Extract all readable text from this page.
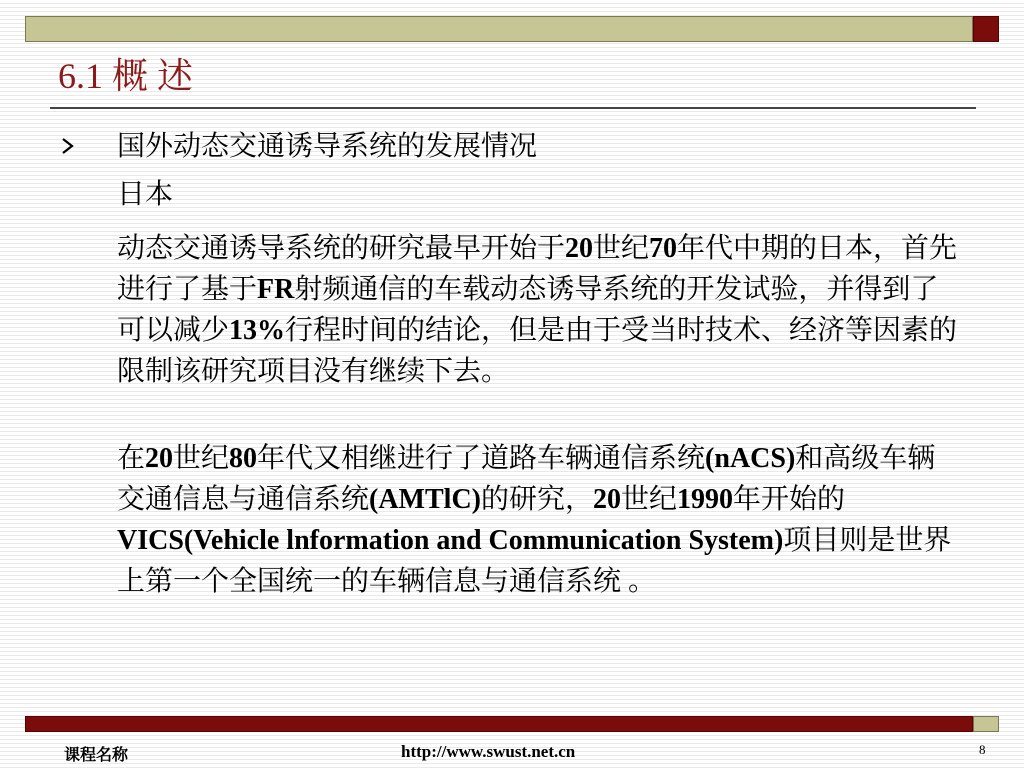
6.1 概 述
国外动态交通诱导系统的发展情况
日本
动态交通诱导系统的研究最早开始于20世纪70年代中期的日本，首先进行了基于FR射频通信的车载动态诱导系统的开发试验，并得到了可以减少13%行程时间的结论，但是由于受当时技术、经济等因素的限制该研究项目没有继续下去。
在20世纪80年代又相继进行了道路车辆通信系统(nACS)和高级车辆交通信息与通信系统(AMTlC)的研究，20世纪1990年开始的VICS(Vehicle lnformation and Communication System)项目则是世界上第一个全国统一的车辆信息与通信系统 。
课程名称	http://www.swust.net.cn	8
